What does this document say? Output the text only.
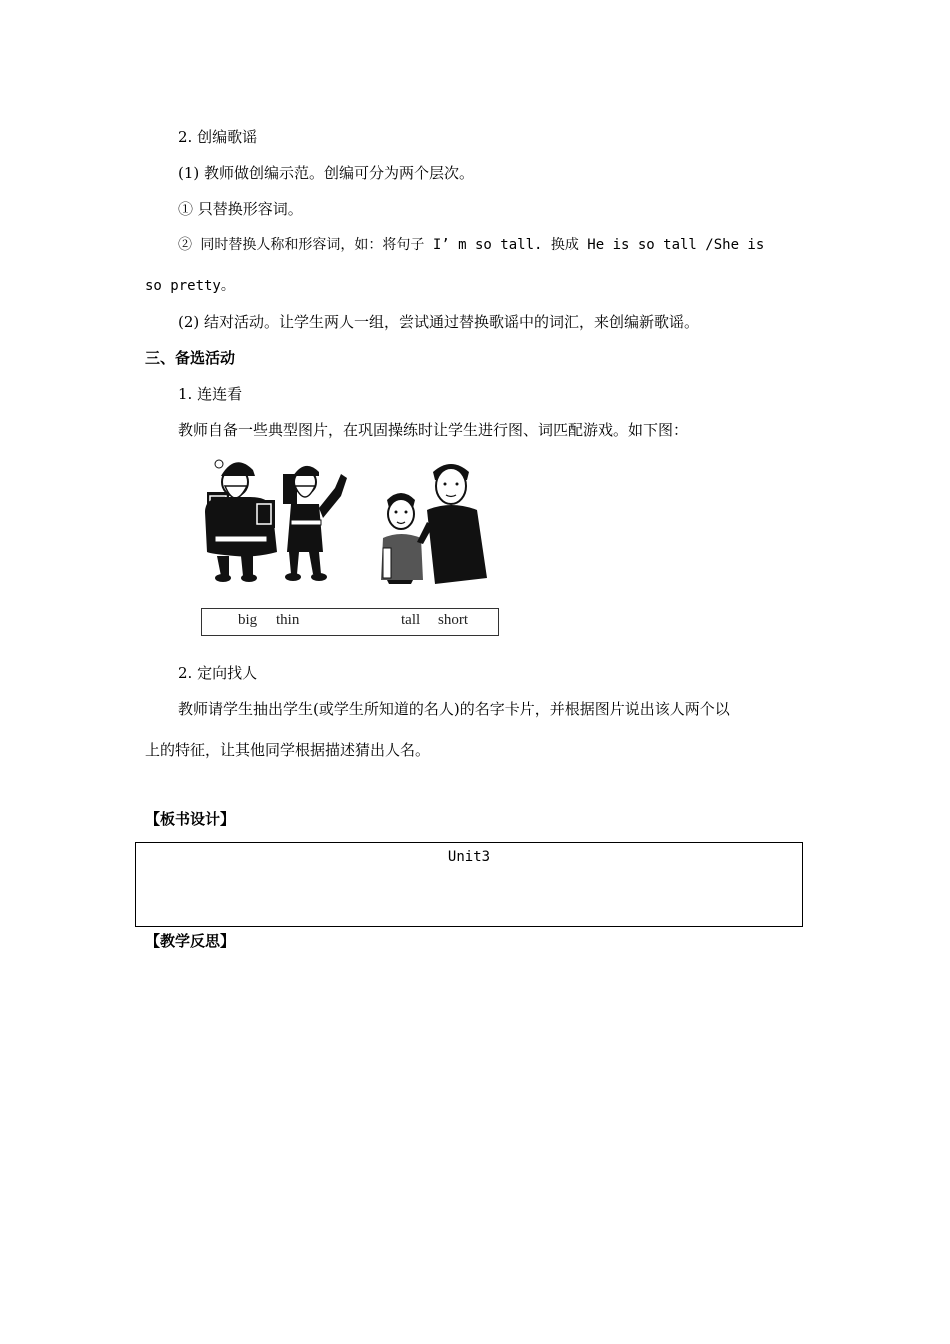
2. 创编歌谣
(1) 教师做创编示范。创编可分为两个层次。
① 只替换形容词。
② 同时替换人称和形容词，如：将句子 I’ m so tall. 换成 He is so tall /She is
so pretty。
(2) 结对活动。让学生两人一组，尝试通过替换歌谣中的词汇，来创编新歌谣。
三、备选活动
1. 连连看
教师自备一些典型图片，在巩固操练时让学生进行图、词匹配游戏。如下图：
big thin	tall short
2. 定向找人
教师请学生抽出学生(或学生所知道的名人)的名字卡片，并根据图片说出该人两个以
上的特征，让其他同学根据描述猜出人名。
【板书设计】
Unit3
【教学反思】
